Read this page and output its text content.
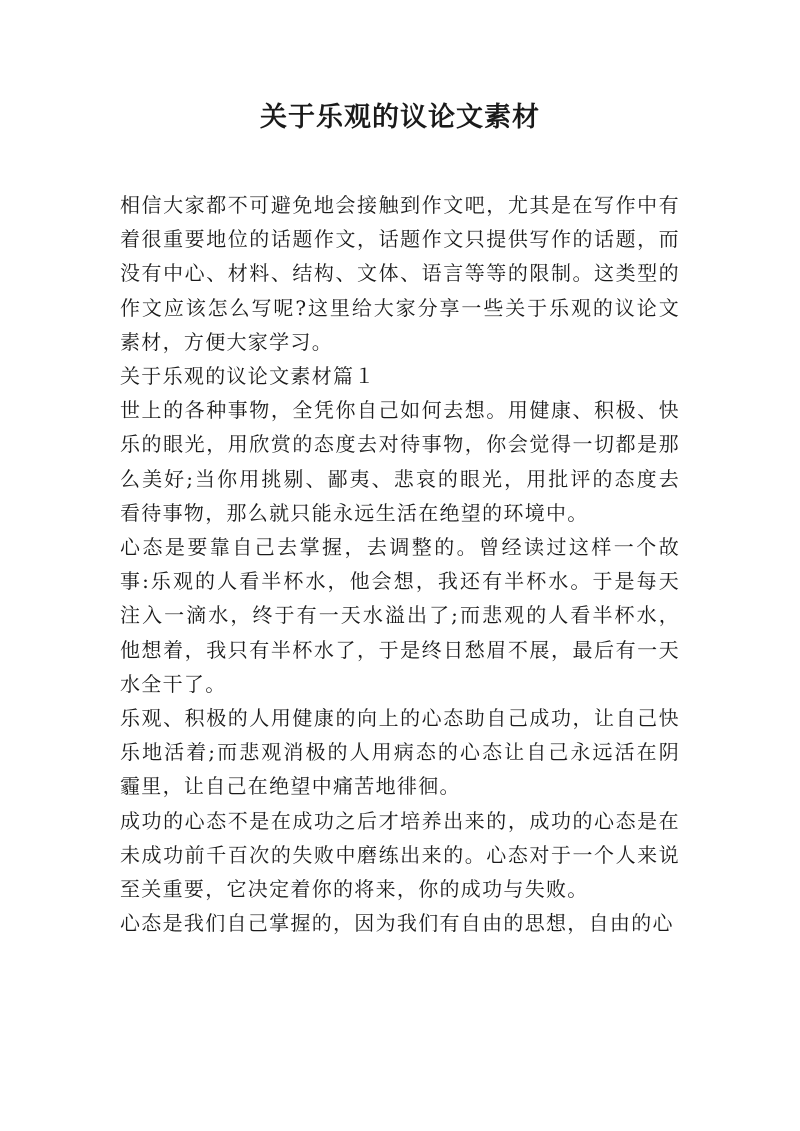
关于乐观的议论文素材

相信大家都不可避免地会接触到作文吧，尤其是在写作中有着很重要地位的话题作文，话题作文只提供写作的话题，而没有中心、材料、结构、文体、语言等等的限制。这类型的作文应该怎么写呢?这里给大家分享一些关于乐观的议论文素材，方便大家学习。

关于乐观的议论文素材篇１

世上的各种事物，全凭你自己如何去想。用健康、积极、快乐的眼光，用欣赏的态度去对待事物，你会觉得一切都是那么美好;当你用挑剔、鄙夷、悲哀的眼光，用批评的态度去看待事物，那么就只能永远生活在绝望的环境中。

心态是要靠自己去掌握，去调整的。曾经读过这样一个故事:乐观的人看半杯水，他会想，我还有半杯水。于是每天注入一滴水，终于有一天水溢出了;而悲观的人看半杯水，他想着，我只有半杯水了，于是终日愁眉不展，最后有一天水全干了。

乐观、积极的人用健康的向上的心态助自己成功，让自己快乐地活着;而悲观消极的人用病态的心态让自己永远活在阴霾里，让自己在绝望中痛苦地徘徊。

成功的心态不是在成功之后才培养出来的，成功的心态是在未成功前千百次的失败中磨练出来的。心态对于一个人来说至关重要，它决定着你的将来，你的成功与失败。

心态是我们自己掌握的，因为我们有自由的思想，自由的心
